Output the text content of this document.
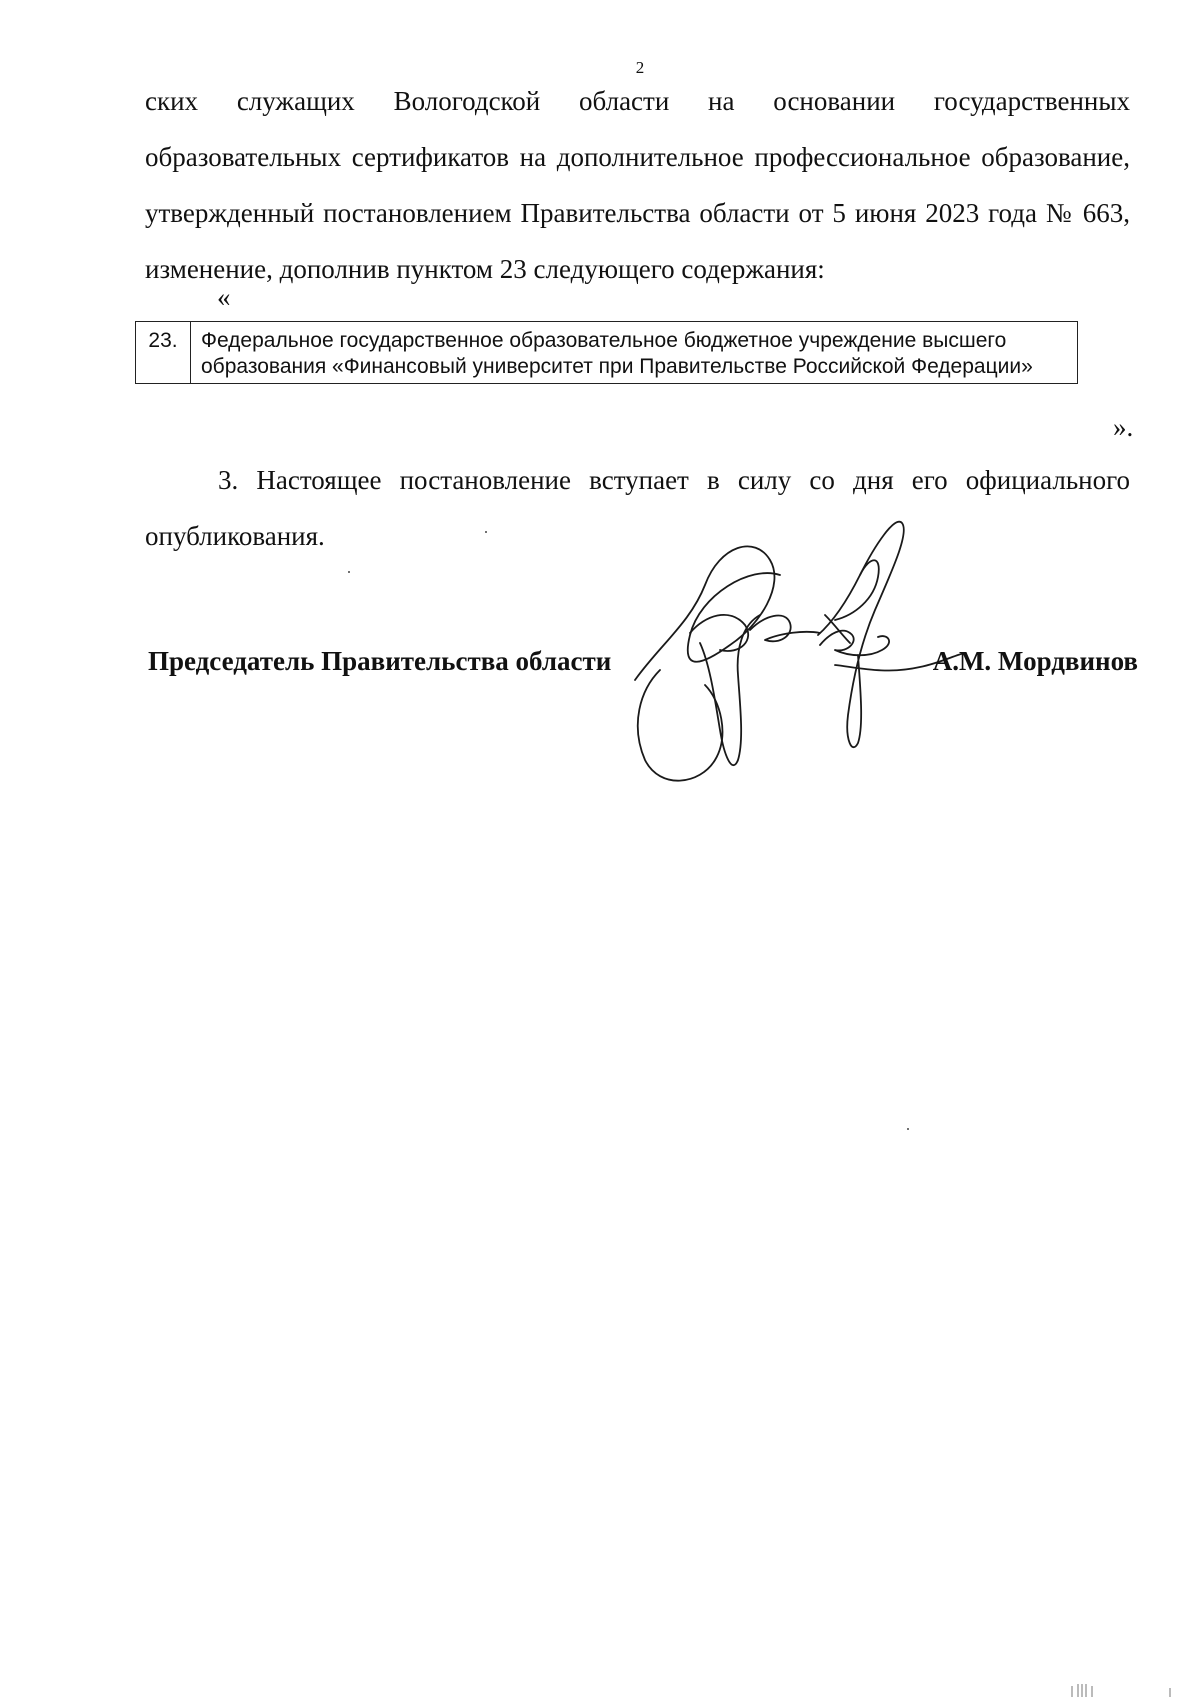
2
ских служащих Вологодской области на основании государственных образовательных сертификатов на дополнительное профессиональное образование, утвержденный постановлением Правительства области от 5 июня 2023 года № 663, изменение, дополнив пунктом 23 следующего содержания:
«
23.	Федеральное государственное образовательное бюджетное учреждение высшего образования «Финансовый университет при Правительстве Российской Федерации»
».
3. Настоящее постановление вступает в силу со дня его официального опубликования.
Председатель Правительства области	А.М. Мордвинов
